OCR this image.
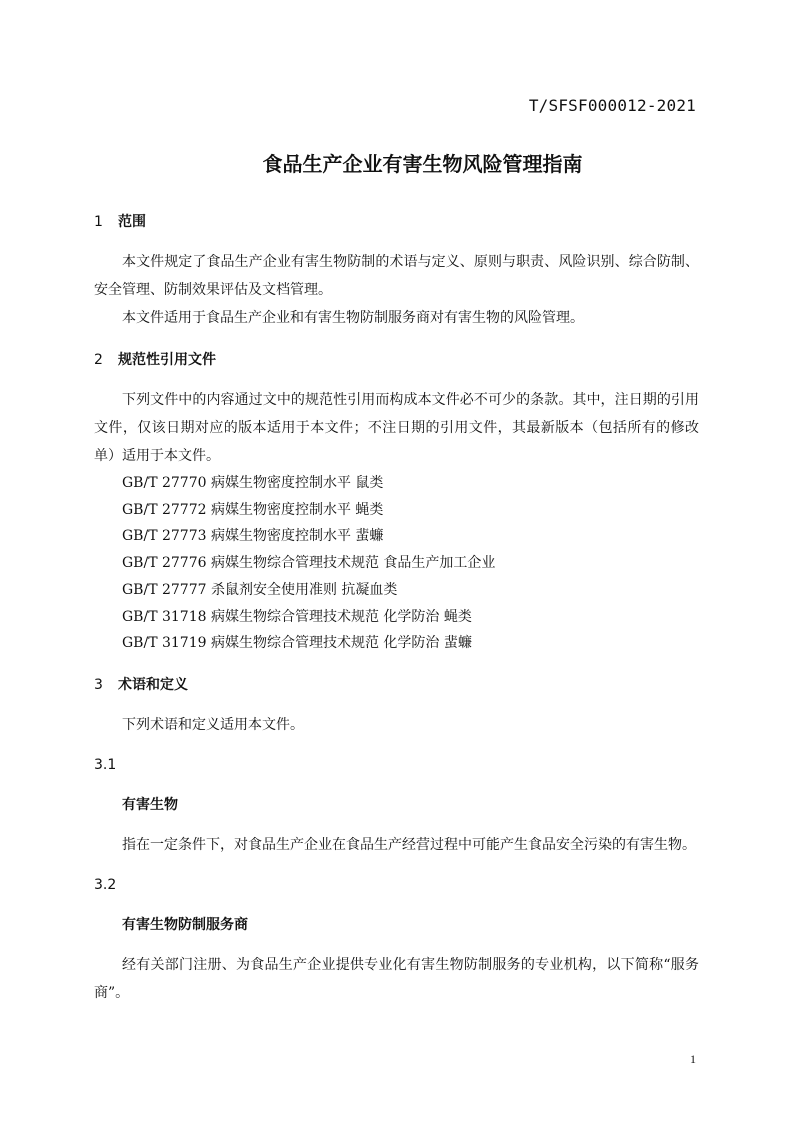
T/SFSF000012-2021
食品生产企业有害生物风险管理指南
1 范围

本文件规定了食品生产企业有害生物防制的术语与定义、原则与职责、风险识别、综合防制、安全管理、防制效果评估及文档管理。

本文件适用于食品生产企业和有害生物防制服务商对有害生物的风险管理。

2 规范性引用文件

下列文件中的内容通过文中的规范性引用而构成本文件必不可少的条款。其中，注日期的引用文件，仅该日期对应的版本适用于本文件；不注日期的引用文件，其最新版本（包括所有的修改单）适用于本文件。

GB/T 27770 病媒生物密度控制水平 鼠类

GB/T 27772 病媒生物密度控制水平 蝇类

GB/T 27773 病媒生物密度控制水平 蜚蠊

GB/T 27776 病媒生物综合管理技术规范 食品生产加工企业

GB/T 27777 杀鼠剂安全使用准则 抗凝血类

GB/T 31718 病媒生物综合管理技术规范 化学防治 蝇类

GB/T 31719 病媒生物综合管理技术规范 化学防治 蜚蠊

3 术语和定义

下列术语和定义适用本文件。

3.1

有害生物

指在一定条件下，对食品生产企业在食品生产经营过程中可能产生食品安全污染的有害生物。

3.2

有害生物防制服务商

经有关部门注册、为食品生产企业提供专业化有害生物防制服务的专业机构，以下简称“服务商”。

1
